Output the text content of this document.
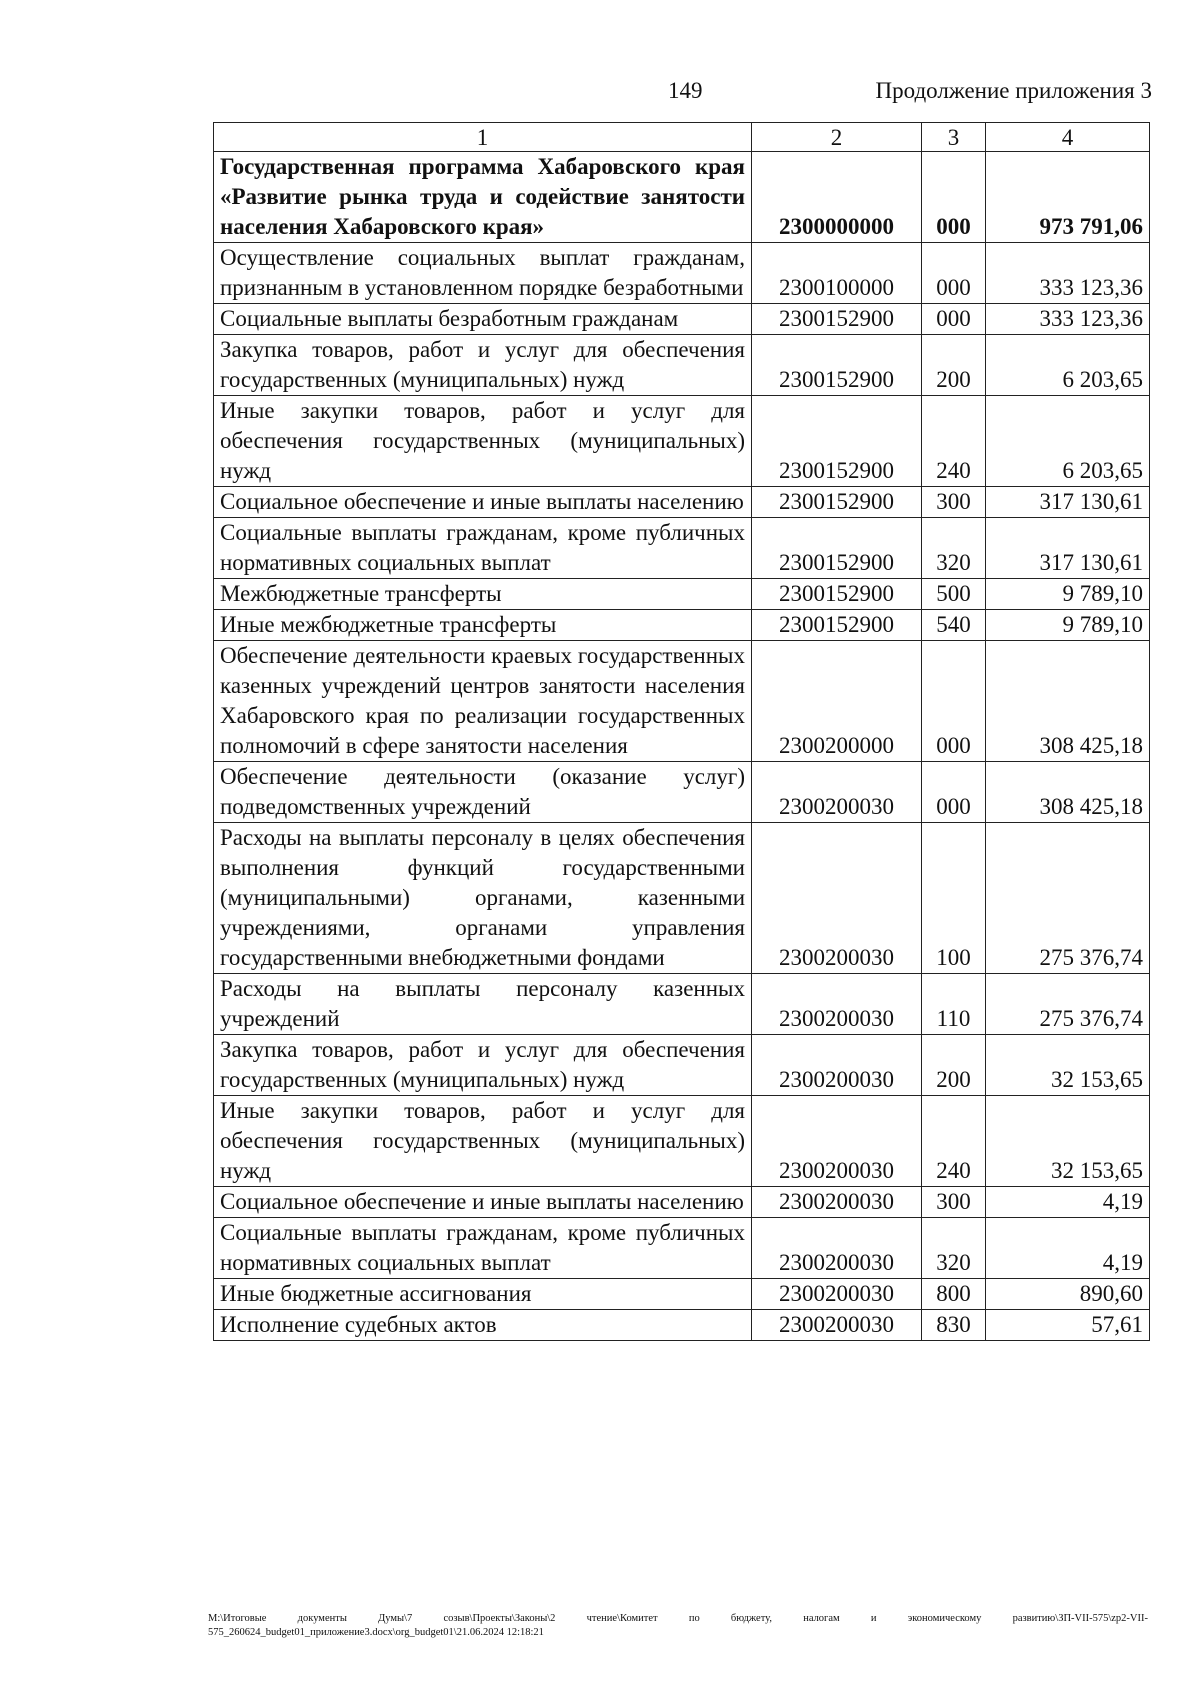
149	Продолжение приложения 3
1	2	3	4
Государственная программа Хабаровского края «Развитие рынка труда и содействие занятости населения Хабаровского края»	2300000000	000	973 791,06
Осуществление социальных выплат гражданам, признанным в установленном порядке безработными	2300100000	000	333 123,36
Социальные выплаты безработным гражданам	2300152900	000	333 123,36
Закупка товаров, работ и услуг для обеспечения государственных (муниципальных) нужд	2300152900	200	6 203,65
Иные закупки товаров, работ и услуг для обеспечения государственных (муниципальных) нужд	2300152900	240	6 203,65
Социальное обеспечение и иные выплаты населению	2300152900	300	317 130,61
Социальные выплаты гражданам, кроме публичных нормативных социальных выплат	2300152900	320	317 130,61
Межбюджетные трансферты	2300152900	500	9 789,10
Иные межбюджетные трансферты	2300152900	540	9 789,10
Обеспечение деятельности краевых государственных казенных учреждений центров занятости населения Хабаровского края по реализации государственных полномочий в сфере занятости населения	2300200000	000	308 425,18
Обеспечение деятельности (оказание услуг) подведомственных учреждений	2300200030	000	308 425,18
Расходы на выплаты персоналу в целях обеспечения выполнения функций государственными (муниципальными) органами, казенными учреждениями, органами управления государственными внебюджетными фондами	2300200030	100	275 376,74
Расходы на выплаты персоналу казенных учреждений	2300200030	110	275 376,74
Закупка товаров, работ и услуг для обеспечения государственных (муниципальных) нужд	2300200030	200	32 153,65
Иные закупки товаров, работ и услуг для обеспечения государственных (муниципальных) нужд	2300200030	240	32 153,65
Социальное обеспечение и иные выплаты населению	2300200030	300	4,19
Социальные выплаты гражданам, кроме публичных нормативных социальных выплат	2300200030	320	4,19
Иные бюджетные ассигнования	2300200030	800	890,60
Исполнение судебных актов	2300200030	830	57,61
M:\Итоговые документы Думы\7 созыв\Проекты\Законы\2 чтение\Комитет по бюджету, налогам и экономическому развитию\ЗП-VII-575\zp2-VII-575_260624_budget01_приложение3.docx\org_budget01\21.06.2024 12:18:21
